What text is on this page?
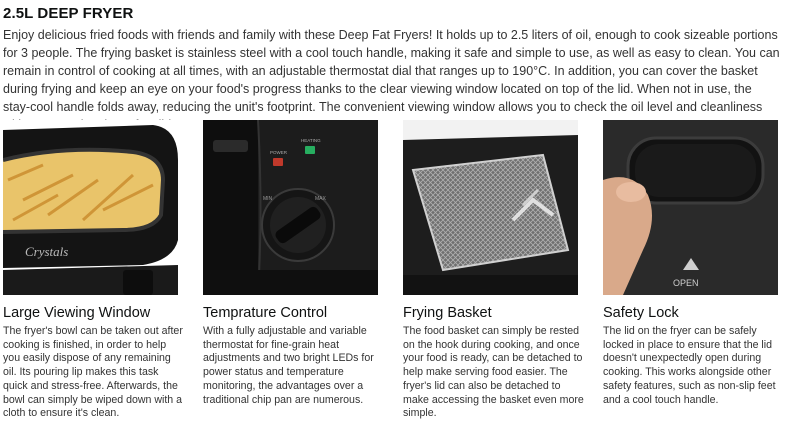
2.5L DEEP FRYER

Enjoy delicious fried foods with friends and family with these Deep Fat Fryers! It holds up to 2.5 liters of oil, enough to cook sizeable portions for 3 people. The frying basket is stainless steel with a cool touch handle, making it safe and simple to use, as well as easy to clean. You can remain in control of cooking at all times, with an adjustable thermostat dial that ranges up to 190°C. In addition, you can cover the basket during frying and keep an eye on your food's progress thanks to the clear viewing window located on top of the lid. When not in use, the stay-cool handle folds away, reducing the unit's footprint. The convenient viewing window allows you to check the oil level and cleanliness

Crystals
Large Viewing Window

The fryer's bowl can be taken out after cooking is finished, in order to help you easily dispose of any remaining oil. Its pouring lip makes this task quick and stress-free. Afterwards, the bowl can simply be wiped down with a cloth to ensure it's clean.

POWER
HEATING
MIN	MAX
Temprature Control

With a fully adjustable and variable thermostat for fine-grain heat adjustments and two bright LEDs for power status and temperature monitoring, the advantages over a traditional chip pan are numerous.

Frying Basket

The food basket can simply be rested on the hook during cooking, and once your food is ready, can be detached to help make serving food easier. The fryer's lid can also be detached to make accessing the basket even more simple.

OPEN
Safety Lock

The lid on the fryer can be safely locked in place to ensure that the lid doesn't unexpectedly open during cooking. This works alongside other safety features, such as non-slip feet and a cool touch handle.
